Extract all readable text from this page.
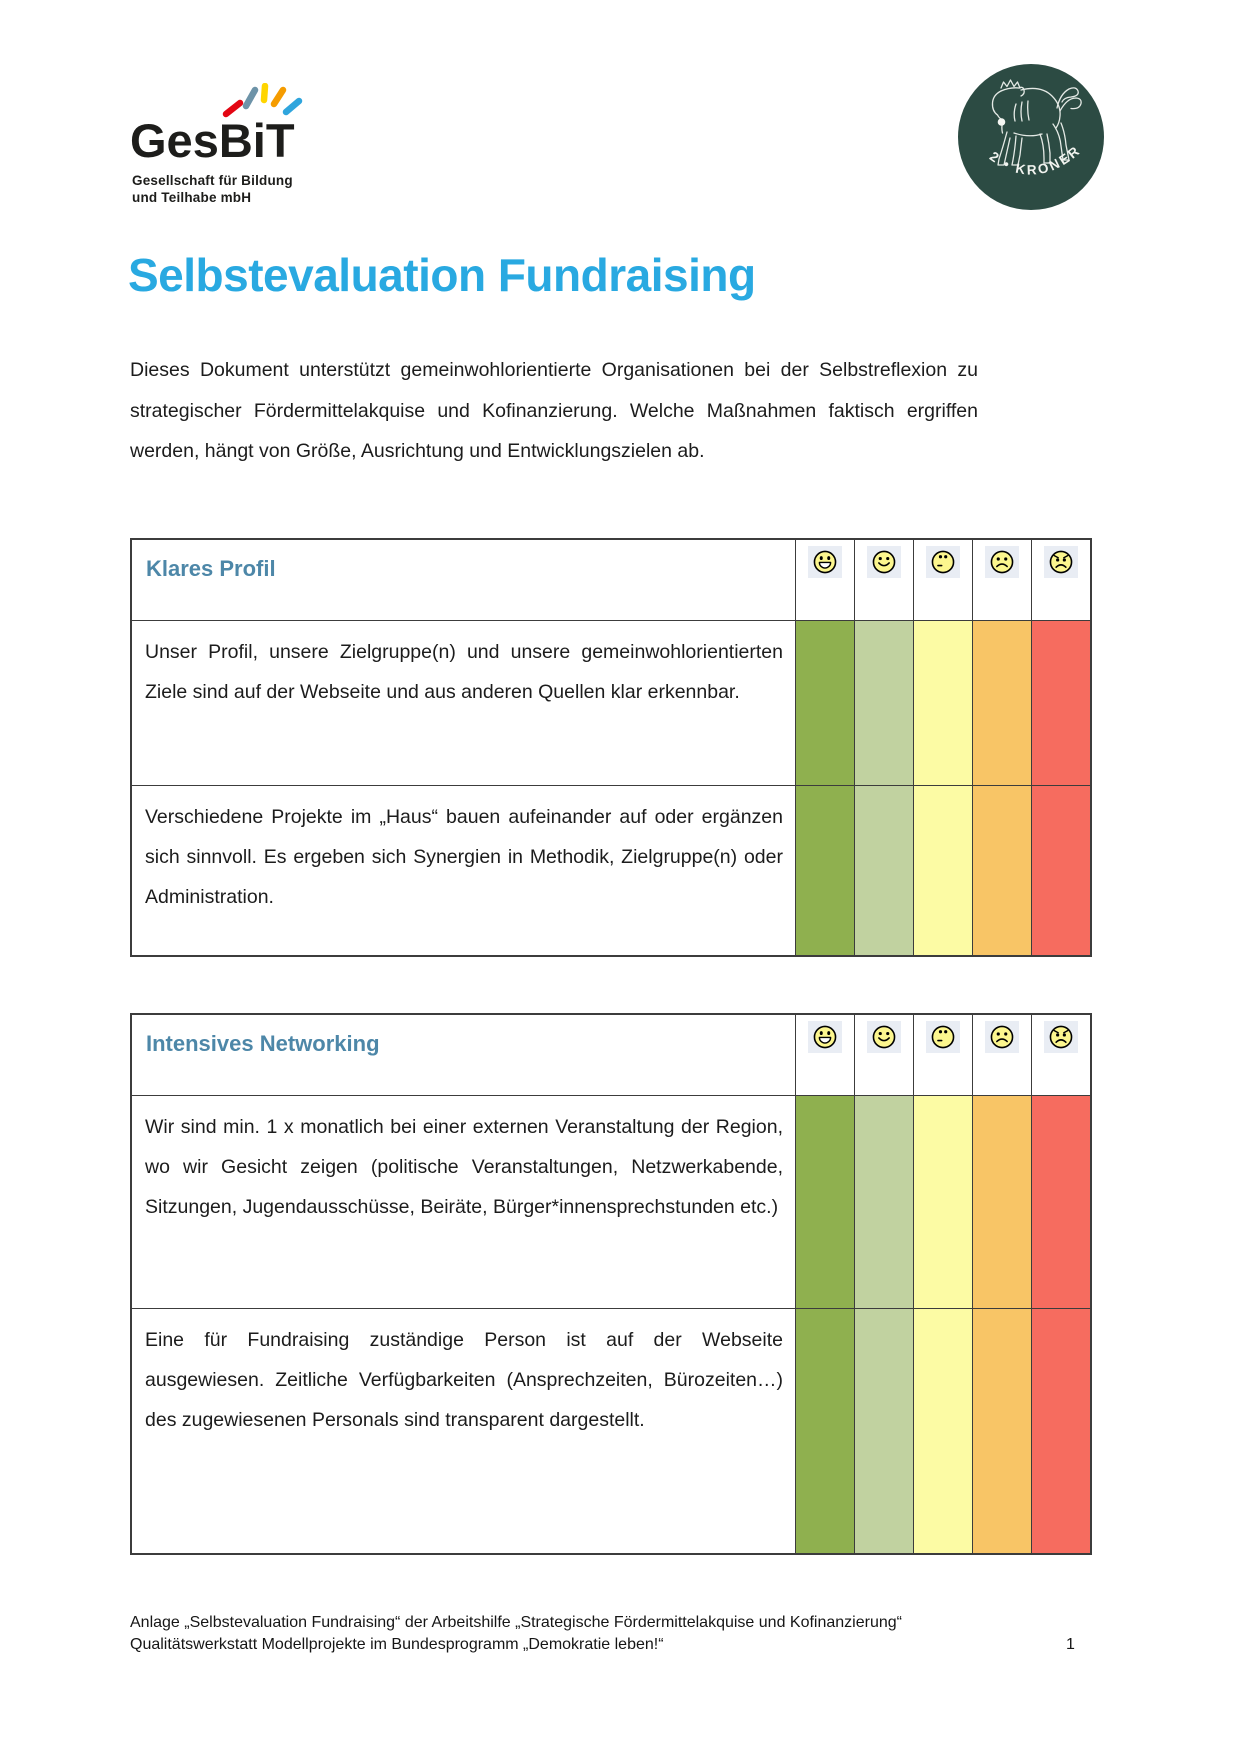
GesBiT
Gesellschaft für Bildung
und Teilhabe mbH
2 • KRONER
Selbstevaluation Fundraising

Dieses Dokument unterstützt gemeinwohlorientierte Organisationen bei der Selbstreflexion zu strategischer Fördermittelakquise und Kofinanzierung. Welche Maßnahmen faktisch ergriffen werden, hängt von Größe, Ausrichtung und Entwicklungszielen ab.

Klares Profil
Unser Profil, unsere Zielgruppe(n) und unsere gemeinwohlorientierten Ziele sind auf der Webseite und aus anderen Quellen klar erkennbar.
Verschiedene Projekte im „Haus“ bauen aufeinander auf oder ergänzen sich sinnvoll. Es ergeben sich Synergien in Methodik, Zielgruppe(n) oder Administration.
Intensives Networking
Wir sind min. 1 x monatlich bei einer externen Veranstaltung der Region, wo wir Gesicht zeigen (politische Veranstaltungen, Netzwerkabende, Sitzungen, Jugendausschüsse, Beiräte, Bürger*innensprechstunden etc.)
Eine für Fundraising zuständige Person ist auf der Webseite ausgewiesen. Zeitliche Verfügbarkeiten (Ansprechzeiten, Bürozeiten…) des zugewiesenen Personals sind transparent dargestellt.
Anlage „Selbstevaluation Fundraising“ der Arbeitshilfe „Strategische Fördermittelakquise und Kofinanzierung“
Qualitätswerkstatt Modellprojekte im Bundesprogramm „Demokratie leben!“	1
